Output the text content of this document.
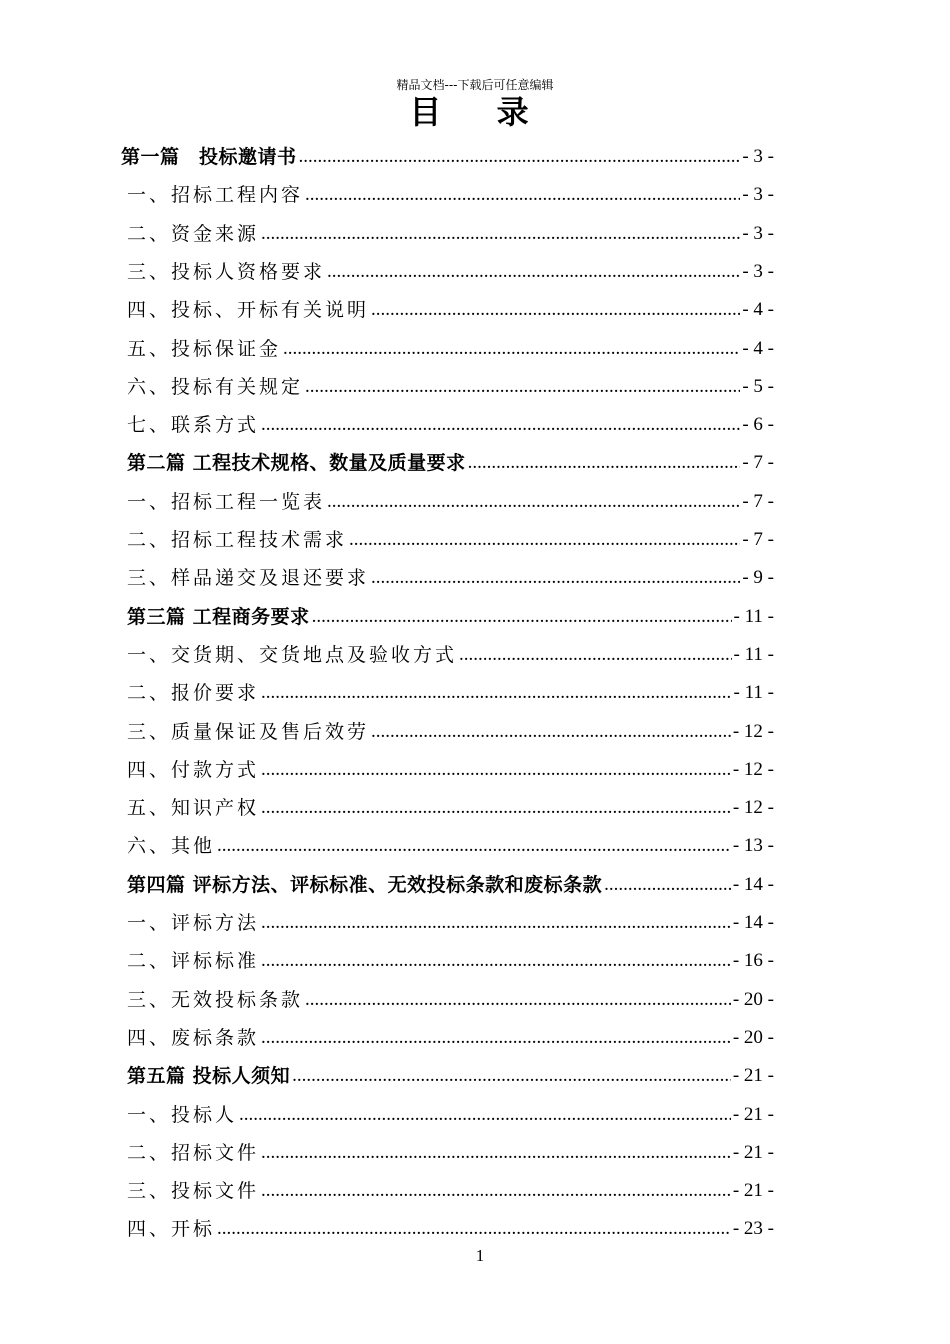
精品文档---下载后可任意编辑
目 录
第一篇　投标邀请书 .....	- 3 -
一、招标工程内容 .....	- 3 -
二、资金来源 .....	- 3 -
三、投标人资格要求 .....	- 3 -
四、投标、开标有关说明 .....	- 4 -
五、投标保证金 .....	- 4 -
六、投标有关规定 .....	- 5 -
七、联系方式 .....	- 6 -
第二篇 工程技术规格、数量及质量要求 .....	- 7 -
一、招标工程一览表 .....	- 7 -
二、招标工程技术需求 .....	- 7 -
三、样品递交及退还要求 .....	- 9 -
第三篇 工程商务要求 .....	- 11 -
一、交货期、交货地点及验收方式 .....	- 11 -
二、报价要求 .....	- 11 -
三、质量保证及售后效劳 .....	- 12 -
四、付款方式 .....	- 12 -
五、知识产权 .....	- 12 -
六、其他 .....	- 13 -
第四篇 评标方法、评标标准、无效投标条款和废标条款 .....	- 14 -
一、评标方法 .....	- 14 -
二、评标标准 .....	- 16 -
三、无效投标条款 .....	- 20 -
四、废标条款 .....	- 20 -
第五篇 投标人须知 .....	- 21 -
一、投标人 .....	- 21 -
二、招标文件 .....	- 21 -
三、投标文件 .....	- 21 -
四、开标 .....	- 23 -
1
